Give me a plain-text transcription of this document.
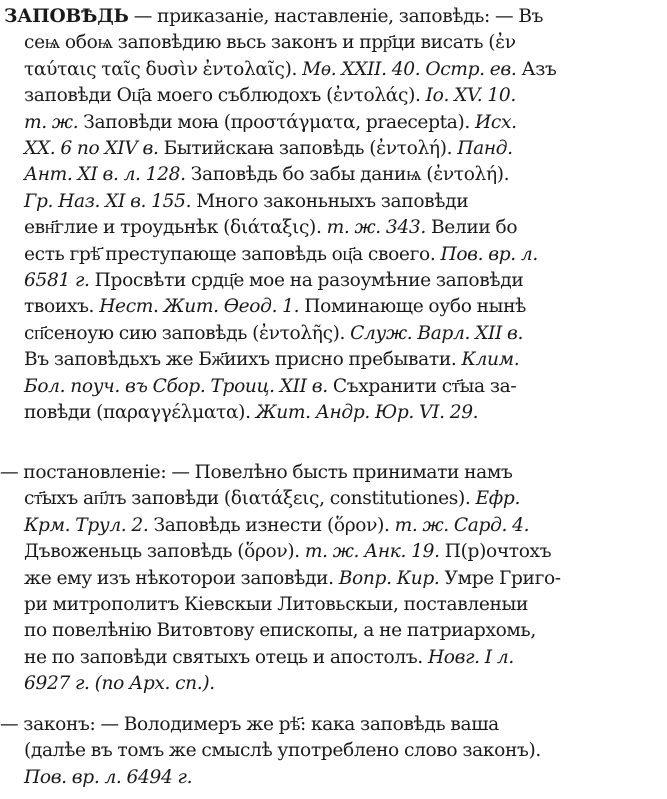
ЗАПОВѢДЬ — приказаніе, наставленіе, заповѣдь: — Въ
сеѩ обоѩ заповѣдию вьсь законъ и прр҃ци висать (ἐν
ταύταις ταῖς δυσὶν ἐντολαῖς). Мѳ. XXII. 40. Остр. ев. Азъ
заповѣди Оц҃а моего съблюдохъ (ἐντολάς). Іо. XV. 10.
т. ж. Заповѣди моꙗ (προστάγματα, praecepta). Исх.
XX. 6 по XIV в. Бытийскаꙗ заповѣдь (ἐντολή). Панд.
Ант. XI в. л. 128. Заповѣдь бо забы даниѩ (ἐντολή).
Гр. Наз. XI в. 155. Много законьныхъ заповѣди
евн҃глие и троудьнѣк (διάταξις). т. ж. 343. Велии бо
есть грѣ҃ преступающе заповѣдь оц҃а своего. Пов. вр. л.
6581 г. Просвѣти срдц҃е мое на разоумѣние заповѣди
твоихъ. Нест. Жит. Ѳеод. 1. Поминающе оубо нынѣ
сп҃сеноую сию заповѣдь (ἐντολῆς). Служ. Варл. XII в.
Въ заповѣдьхъ же Бж҃иихъ присно пребывати. Клим.
Бол. поуч. въ Сбор. Троиц. XII в. Съхранити ст҃ыа за-
повѣди (παραγγέλματα). Жит. Андр. Юр. VI. 29.
— постановленіе: — Повелѣно бысть принимати намъ
ст҃ыхъ ап҃лъ заповѣди (διατάξεις, constitutiones). Ефр.
Крм. Трул. 2. Заповѣдь изнести (ὅρον). т. ж. Сард. 4.
Дъвоженьць заповѣдь (ὅρον). т. ж. Анк. 19. П(р)очтохъ
же ему изъ нѣкоторои заповѣди. Вопр. Кир. Умре Григо-
ри митрополитъ Кіевскыи Литовьскыи, поставленыи
по повелѣнію Витовтову епископы, а не патриархомь,
не по заповѣди святыхъ отець и апостолъ. Новг. I л.
6927 г. (по Арх. сп.).
— законъ: — Володимеръ же рѣ҃: кака заповѣдь ваша
(далѣе въ томъ же смыслѣ употреблено слово законъ).
Пов. вр. л. 6494 г.
